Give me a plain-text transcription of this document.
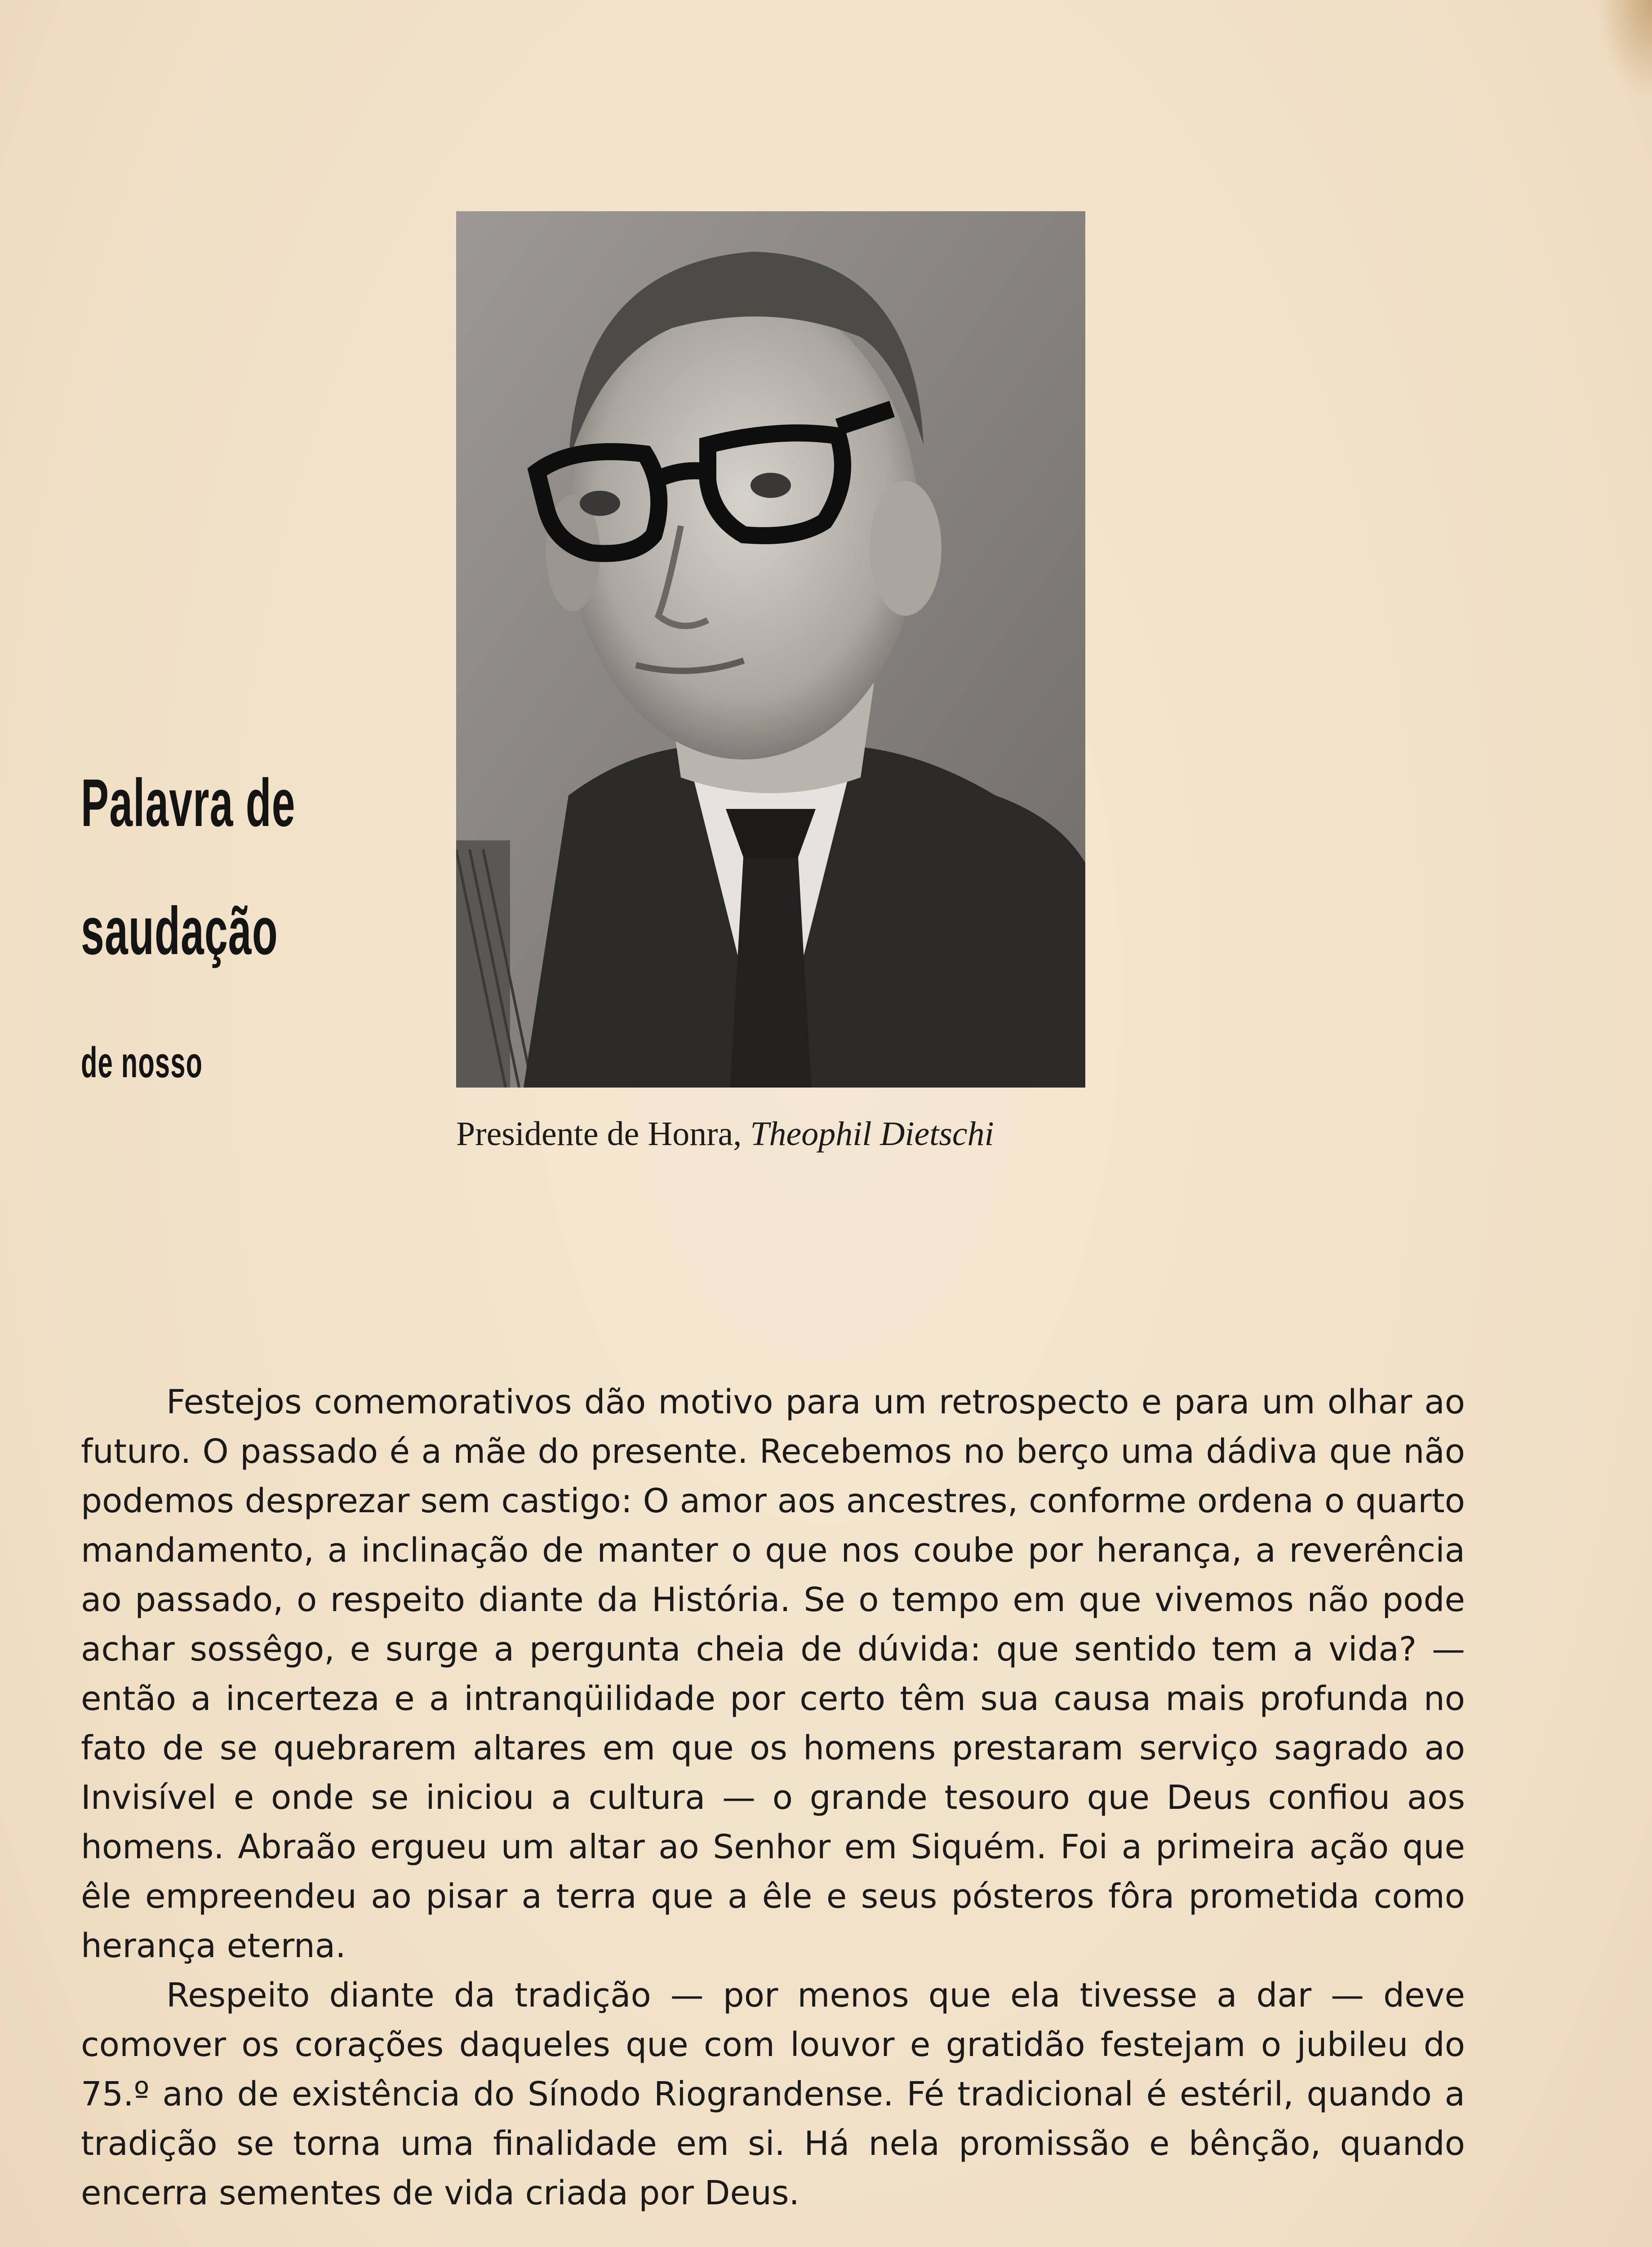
Palavra de
saudação
de nosso
Presidente de Honra, Theophil Dietschi

Festejos comemorativos dão motivo para um retrospecto e para um olhar ao futuro. O passado é a mãe do presente. Recebemos no berço uma dádiva que não podemos desprezar sem castigo: O amor aos ancestres, conforme ordena o quarto mandamento, a inclinação de manter o que nos coube por herança, a reverência ao passado, o respeito diante da História. Se o tempo em que vivemos não pode achar sossêgo, e surge a pergunta cheia de dúvida: que sentido tem a vida? — então a incerteza e a intranqüilidade por certo têm sua causa mais profunda no fato de se quebrarem altares em que os homens prestaram serviço sagrado ao Invisível e onde se iniciou a cultura — o grande tesouro que Deus confiou aos homens. Abraão ergueu um altar ao Senhor em Siquém. Foi a primeira ação que êle empreendeu ao pisar a terra que a êle e seus pósteros fôra prometida como herança eterna.

Respeito diante da tradição — por menos que ela tivesse a dar — deve comover os corações daqueles que com louvor e gratidão festejam o jubileu do 75.º ano de existência do Sínodo Riograndense. Fé tradicional é estéril, quando a tradição se torna uma finalidade em si. Há nela promissão e bênção, quando encerra sementes de vida criada por Deus.
